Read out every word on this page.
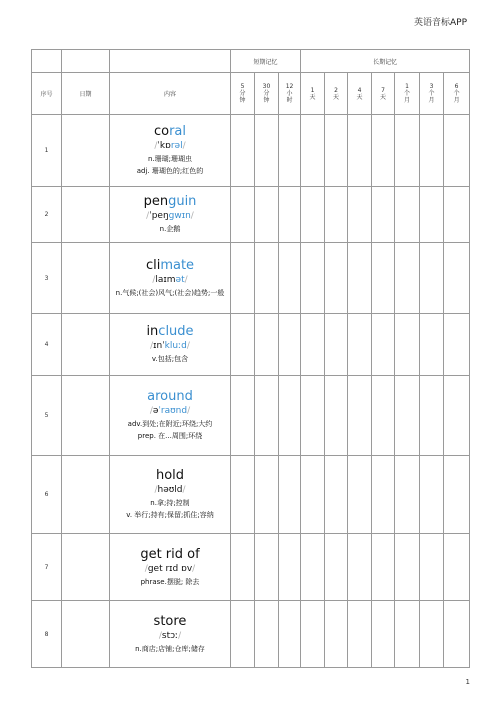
英语音标APP
			短期记忆			长期记忆						
序号	日期	内容	5
分
钟	30
分
钟	12
小
时	1
天	2
天	4
天	7
天	1
个
月	3
个
月	6
个
月

1		coral
/ˈkɒrəl/
n.珊瑚;珊瑚虫
adj. 珊瑚色的;红色的										

2		penguin
/ˈpeŋgwɪn/
n.企鹅										

3		climate
/laɪmət/
n.气候;(社会)风气;(社会)趋势;一般										

4		include
/ɪnˈkluːd/
v.包括;包含										

5		around
/əˈraʊnd/
adv.到处;在附近;环绕;大约
prep. 在...周围;环绕										

6		hold
/həʊld/
n.拿;持;控制
v. 举行;持有;保留;抓住;容纳										

7		get rid of
/get rɪd ɒv/
phrase.摆脱; 除去										

8		store
/stɔː/
n.商店;店铺;仓库;储存										

1
